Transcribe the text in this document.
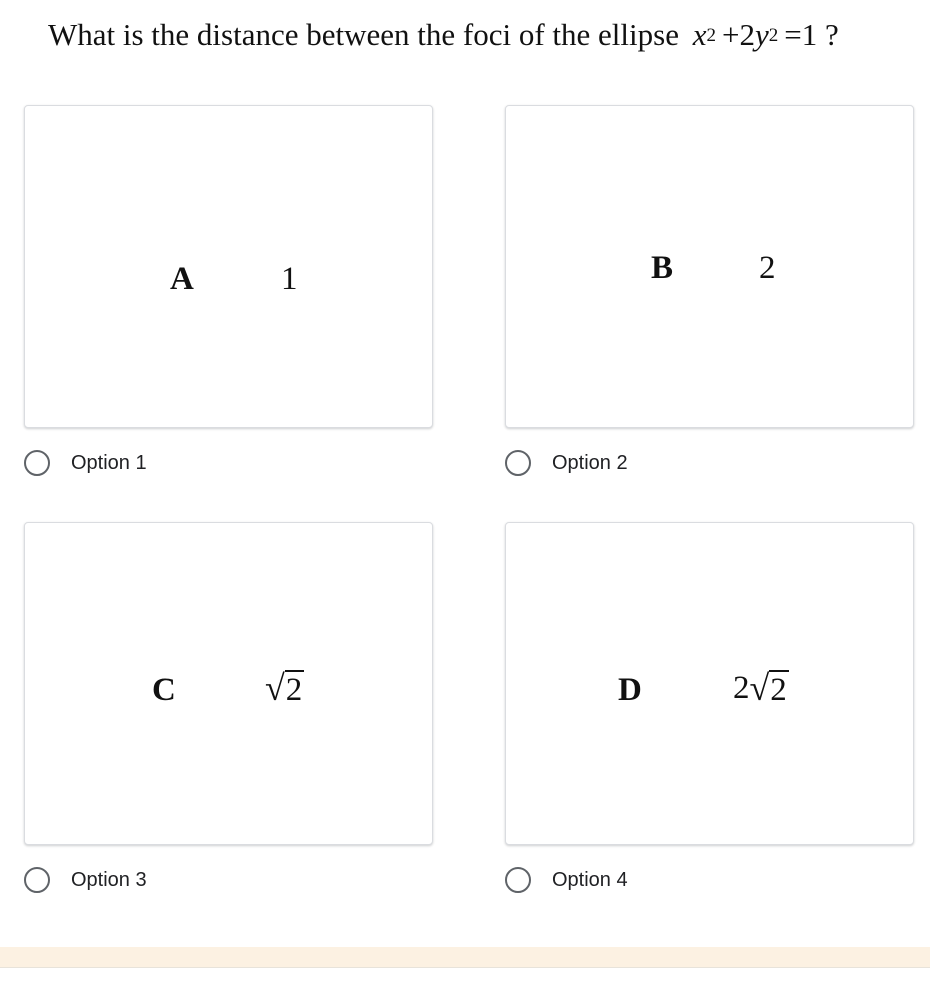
What is the distance between the foci of the ellipse $x^2 +2y^2 =1$ ?
A	1	B	2
Option 1	Option 2
C √2	D	2√2
Option 3	Option 4
